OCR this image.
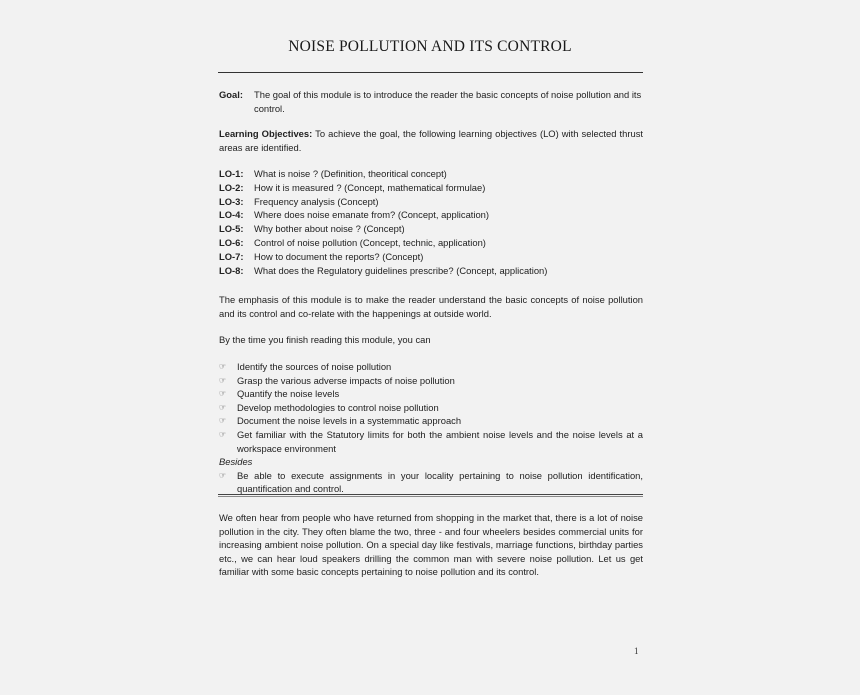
NOISE POLLUTION AND ITS CONTROL
Goal:	The goal of this module is to introduce the reader the basic concepts of noise pollution and its control.
Learning Objectives: To achieve the goal, the following learning objectives (LO) with selected thrust areas are identified.
LO-1:	What is noise ? (Definition, theoritical concept)
LO-2:	How it is measured ? (Concept, mathematical formulae)
LO-3:	Frequency analysis (Concept)
LO-4:	Where does noise emanate from? (Concept, application)
LO-5:	Why bother about noise ? (Concept)
LO-6:	Control of noise pollution (Concept, technic, application)
LO-7:	How to document the reports? (Concept)
LO-8:	What does the Regulatory guidelines prescribe? (Concept, application)
The emphasis of this module is to make the reader understand the basic concepts of noise pollution and its control and co-relate with the happenings at outside world.
By the time you finish reading this module, you can
☞	Identify the sources of noise pollution
☞	Grasp the various adverse impacts of noise pollution
☞	Quantify the noise levels
☞	Develop methodologies to control noise pollution
☞	Document the noise levels in a systemmatic approach
☞	Get familiar with the Statutory limits for both the ambient noise levels and the noise levels at a workspace environment
Besides
☞	Be able to execute assignments in your locality pertaining to noise pollution identification, quantification and control.
We often hear from people who have returned from shopping in the market that, there is a lot of noise pollution in the city. They often blame the two, three - and four wheelers besides commercial units for increasing ambient noise pollution. On a special day like festivals, marriage functions, birthday parties etc., we can hear loud speakers drilling the common man with severe noise pollution. Let us get familiar with some basic concepts pertaining to noise pollution and its control.
1
